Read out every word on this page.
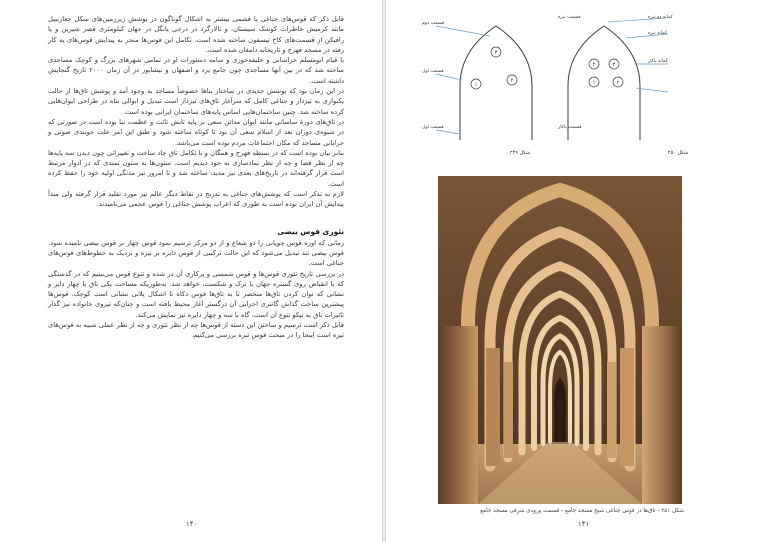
قابل ذکر که قوس‌های جناغی یا فشمی بیشتر به اشکال گوناگون در پوشش زیرزمین‌های سکل جغازنبیل مانند کرمیش خاطرات کوشک سیستان، و تالارگرد در درجی یانگل در جهان کیلومتری قصر شیرین و یا رافیکن از قسمت‌های کاخ تیسفون ساخته شده است. تکامل این قوس‌ها منجر به پیدایش قوس‌های یه کار رفته در مسجد فهرج و تاریخانه دامغان شده است.

با قیام ابومسلم خراسانی و خلیفه‌خوزی و سامه دستورات او در تمامی شهرهای بزرگ و کوچک مساجدی ساخته شد که در بین آنها مساجدی چون جامع یزد و اصفهان و نیشابور در آن زمان ۲۰۰۰ تاریخ گنجایش داشته است.

در این زمان بود که پوشش جدیدی در ساختار بناها خصوصاً مساجد به وجود آمد و پوشش تاق‌ها از حالت یکنواری به تیزدار و جناغی کامل که سرآغاز تاق‌های تیزدار است تبدیل و ابوالی بناه در طراحی ایوان‌هایی کرده ساخته شد. چنین ساختمان‌هایی اساس پایه‌های ساختمان ایرانی بوده است.

در تاق‌های دورهٔ ساسانی مانند ایوان مدائن سعی بر پایه تابش تاثت و عظمت بنا بوده است در صورتی که در شیوه‌ی دوران بعد از اسلام سعی آن بود تا کوتاه ساخته شود و طبق این امر علت جویندی صوتی و جرایانی مساجد که مکان اجتماعات مردم بوده است می‌باشد.

بنابر بیان بوده است که در بسطه فهرج و همگان و با تکامل تاق جاد ساخت و تغییراتی چون دیدن سه پایه‌ها چه از نظر فضا و چه از نظر نمادسازی به خود دیدیم است. ستون‌ها به ستون تمندی که در ادوار مرتبط است قرار گرفته‌اند در تاریخ‌های بعدی نیز مدید، ساخته شد و تا امروز نیز مدنگی اولیه خود را حفظ کرده است.

لازم به تذکر است که پوشش‌های جناغی به تدریج در نقاط دیگر عالم نیز مورد تقلید قرار گرفته ولی مبدأ پیدایش آن ایران بوده است به طوری که اعراب پوشش جناغی را قوس عجمی می‌نامیدند.

تئوری قوس بیضی

زمانی که اوزه قوس چوپانی را دو شعاع و از دو مرکز ترسیم نمود قوس چهار بر قوس بیضی نامیده شود. قوس بیضی تند تبدیل می‌شود که این حالت ترکیبی از قوس دایره بر تیزه و نزدیک به خطوط‌های قوس‌های جناغی است.

در بررسی تاریخ تئوری قوس‌ها و قوس شمسی و پرکاری آن در شده و تنوع قوس می‌بینیم که در گذشتگی که با انقباض روی گستره جهان با ترک و شکست، خواهد شد. به‌طوریکه مساحت یکی تاق با چهار دایر و نشانی که توان کردن تاق‌ها منحصر تا به تاق‌ها قوس دکاه تا اشکال پلانی نشانی است کوچک. قوس‌ها پیشترین ساخت گذاش گانتری اجزایی آن درگستر آغاز محیط یافته است و چنان‌که تیروی خانواده نیز گذار تاثیرات تاق به نیکو تنوع آن است. گاه با سه و چهار دایره نیز نمایش می‌کند.

قابل ذکر است ترسیم و ساختن این دسته از قوس‌ها چه از نظر تئوری و چه از نظر عملی شبیه به قوس‌های تیزه است اینجا را در مبحث قوس تیزه بررسی می‌کنیم.

۱۴۰
۳
۱
۲
قسمت دوم
قسمت اول
قسمت اول
شکل ۲۴۹
۴	۳
۱	۲
قسمت تیزه	کمانه دو تیزه
کمانه تیزه
کمانه پاکار
قسمت پاکار
شکل ۲۵۰
شکل ۲۵۱ - تاق‌ها در قوس جناغی شیخ مسجد جامع - قسمت ورودی شرقی مسجد جامع
۱۴۱
